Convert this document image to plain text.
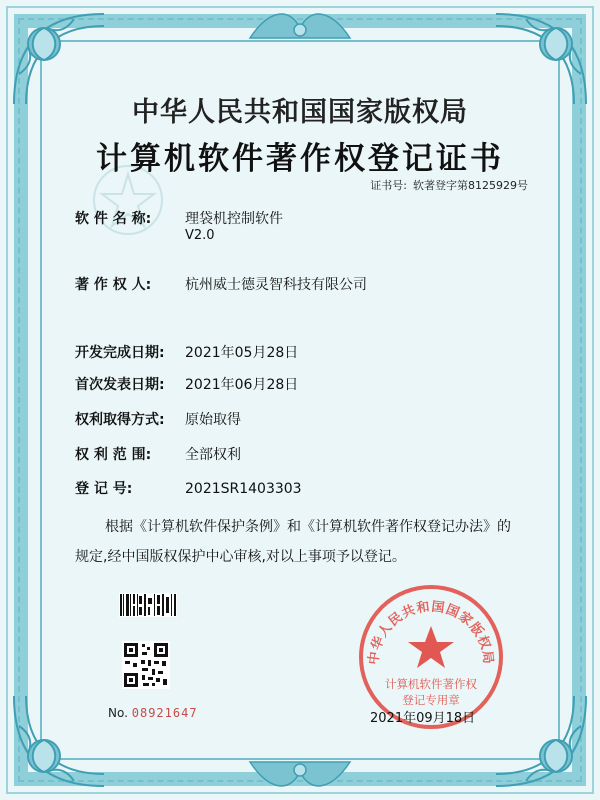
中华人民共和国国家版权局
计算机软件著作权登记证书
证书号: 软著登字第8125929号
软 件 名 称: 理袋机控制软件
V2.0
著 作 权 人: 杭州威士德灵智科技有限公司
开发完成日期: 2021年05月28日
首次发表日期: 2021年06月28日
权利取得方式: 原始取得
权 利 范 围: 全部权利
登 记 号:	2021SR1403303
根据《计算机软件保护条例》和《计算机软件著作权登记办法》的
规定,经中国版权保护中心审核,对以上事项予以登记。
No. 08921647
中华人民共和国国家版权局
计算机软件著作权
登记专用章
2021年09月18日
